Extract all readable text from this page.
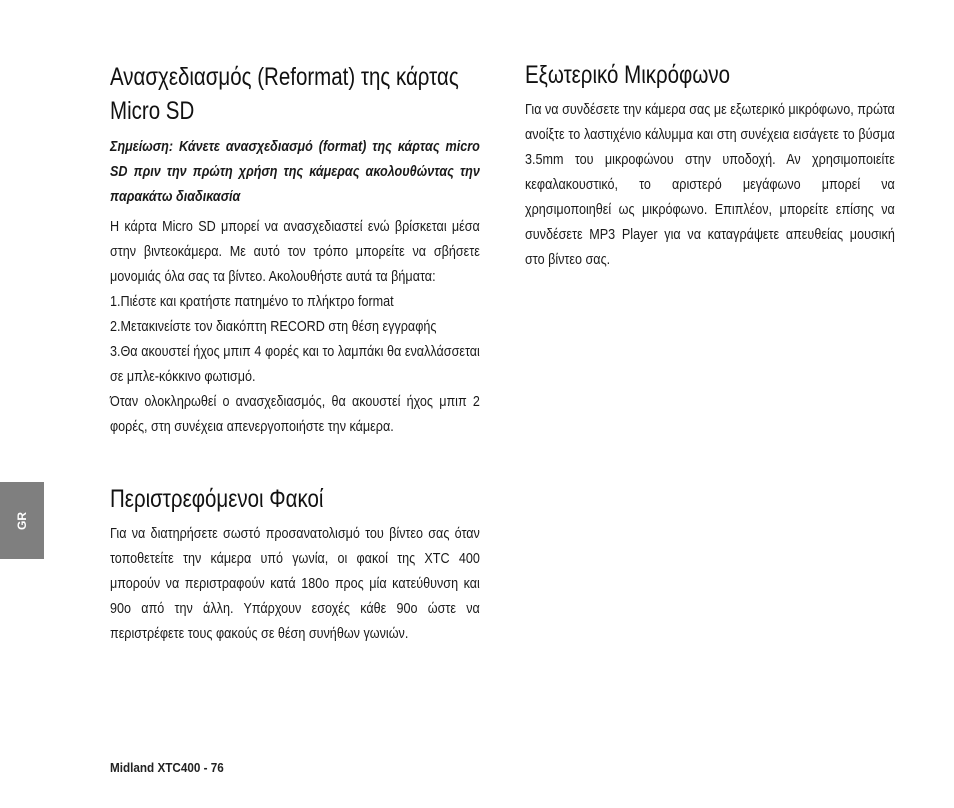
Ανασχεδιασμός (Reformat) της κάρτας Micro SD

Σημείωση: Κάνετε ανασχεδιασμό (format) της κάρτας micro SD πριν την πρώτη χρήση της κάμερας ακολουθώντας την παρακάτω διαδικασία

Η κάρτα Micro SD μπορεί να ανασχεδιαστεί ενώ βρίσκεται μέσα στην βιντεοκάμερα. Με αυτό τον τρόπο μπορείτε να σβήσετε μονομιάς όλα σας τα βίντεο. Ακολουθήστε αυτά τα βήματα:

1.Πιέστε και κρατήστε πατημένο το πλήκτρο format

2.Μετακινείστε τον διακόπτη RECORD στη θέση εγγραφής

3.Θα ακουστεί ήχος μπιπ 4 φορές και το λαμπάκι θα εναλλάσσεται σε μπλε-κόκκινο φωτισμό.

Όταν ολοκληρωθεί ο ανασχεδιασμός, θα ακουστεί ήχος μπιπ 2 φορές, στη συνέχεια απενεργοποιήστε την κάμερα.

Περιστρεφόμενοι Φακοί

Για να διατηρήσετε σωστό προσανατολισμό του βίντεο σας όταν τοποθετείτε την κάμερα υπό γωνία, οι φακοί της XTC 400 μπορούν να περιστραφούν κατά 180o προς μία κατεύθυνση και 90o από την άλλη. Υπάρχουν εσοχές κάθε 90o ώστε να περιστρέφετε τους φακούς σε θέση συνήθων γωνιών.

Εξωτερικό Μικρόφωνο

Για να συνδέσετε την κάμερα σας με εξωτερικό μικρόφωνο, πρώτα ανοίξτε το λαστιχένιο κάλυμμα και στη συνέχεια εισάγετε το βύσμα 3.5mm του μικροφώνου στην υποδοχή. Αν χρησιμοποιείτε κεφαλακουστικό, το αριστερό μεγάφωνο μπορεί να χρησιμοποιηθεί ως μικρόφωνο. Επιπλέον, μπορείτε επίσης να συνδέσετε MP3 Player για να καταγράψετε απευθείας μουσική στο βίντεο σας.

GR
Midland XTC400 - 76
